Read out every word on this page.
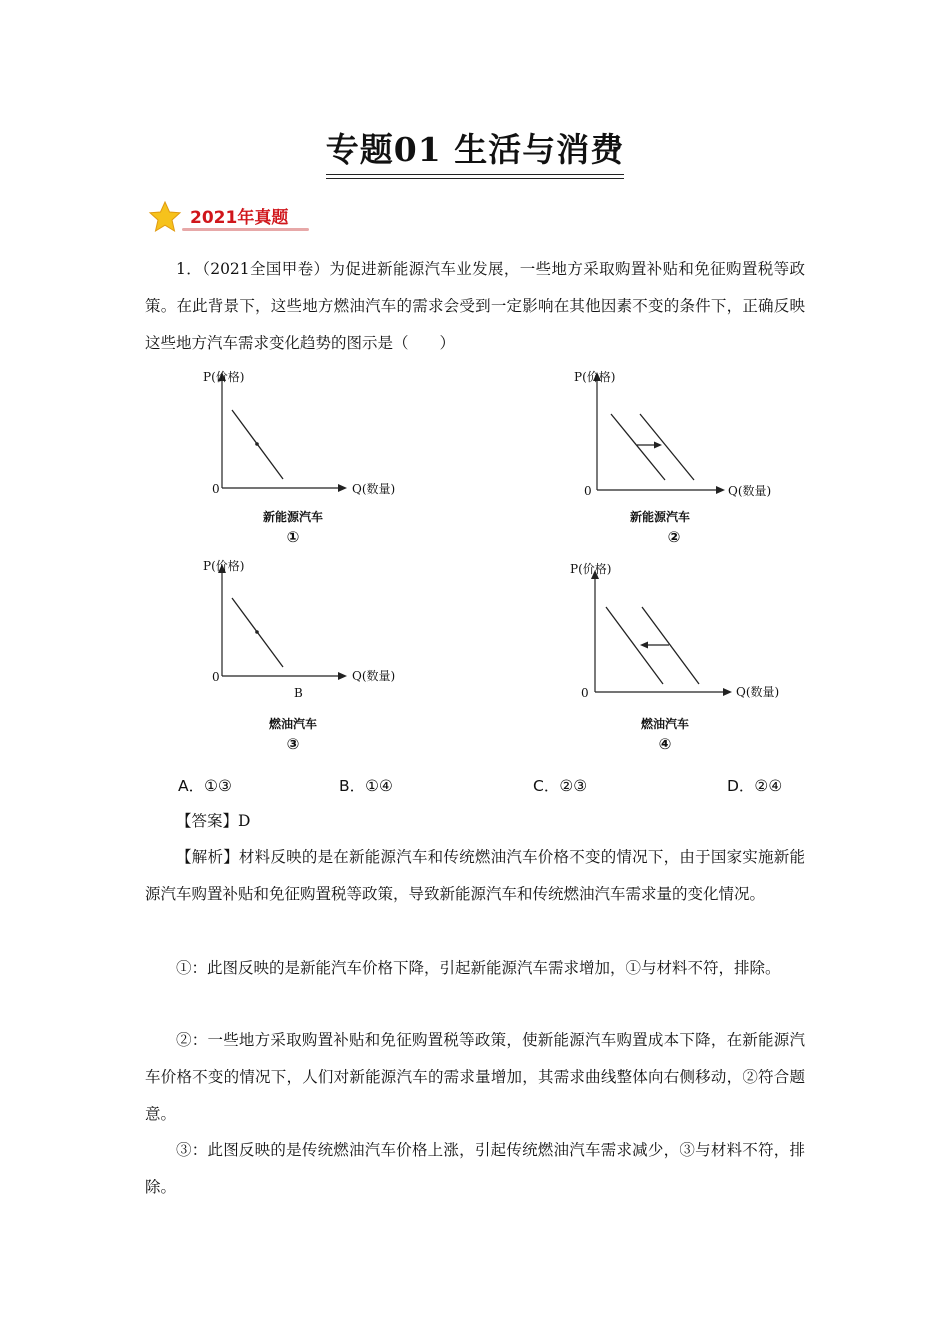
专题01 生活与消费
2021年真题
1．（2021全国甲卷）为促进新能源汽车业发展，一些地方采取购置补贴和免征购置税等政策。在此背景下，这些地方燃油汽车的需求会受到一定影响在其他因素不变的条件下，正确反映这些地方汽车需求变化趋势的图示是（　　）
P(价格)
0	Q(数量)
新能源汽车
①
P(价格)
0	Q(数量)
新能源汽车
②
P(价格)
0	Q(数量)
B
燃油汽车
③
P(价格)
0	Q(数量)
燃油汽车
④
A．①③	B．①④	C．②③	D．②④
【答案】D
【解析】材料反映的是在新能源汽车和传统燃油汽车价格不变的情况下，由于国家实施新能源汽车购置补贴和免征购置税等政策，导致新能源汽车和传统燃油汽车需求量的变化情况。
①：此图反映的是新能汽车价格下降，引起新能源汽车需求增加，①与材料不符，排除。
②：一些地方采取购置补贴和免征购置税等政策，使新能源汽车购置成本下降，在新能源汽车价格不变的情况下，人们对新能源汽车的需求量增加，其需求曲线整体向右侧移动，②符合题意。
③：此图反映的是传统燃油汽车价格上涨，引起传统燃油汽车需求减少，③与材料不符，排除。
